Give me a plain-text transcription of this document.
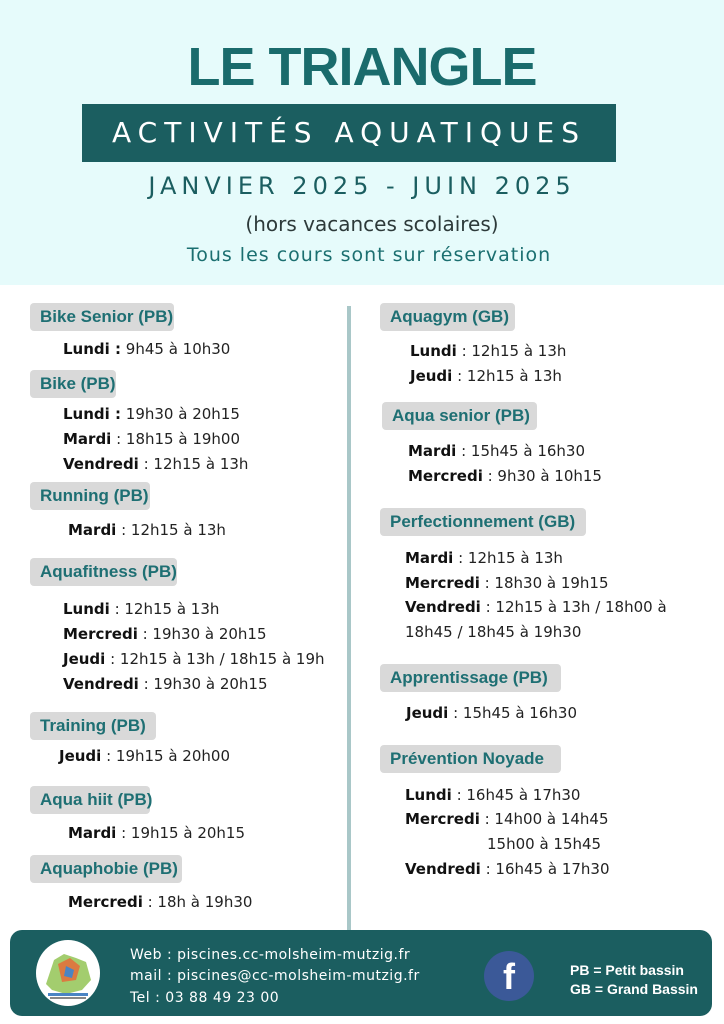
LE TRIANGLE
ACTIVITÉS AQUATIQUES
JANVIER 2025 - JUIN 2025
(hors vacances scolaires)
Tous les cours sont sur réservation
Bike Senior (PB)
Lundi : 9h45 à 10h30
Bike (PB)
Lundi : 19h30 à 20h15
Mardi : 18h15 à 19h00
Vendredi : 12h15 à 13h
Running (PB)
Mardi : 12h15 à 13h
Aquafitness (PB)
Lundi : 12h15 à 13h
Mercredi : 19h30 à 20h15
Jeudi : 12h15 à 13h / 18h15 à 19h
Vendredi : 19h30 à 20h15
Training (PB)
Jeudi : 19h15 à 20h00
Aqua hiit (PB)
Mardi : 19h15 à 20h15
Aquaphobie (PB)
Mercredi : 18h à 19h30
Aquagym (GB)
Lundi : 12h15 à 13h
Jeudi : 12h15 à 13h
Aqua senior (PB)
Mardi : 15h45 à 16h30
Mercredi : 9h30 à 10h15
Perfectionnement (GB)
Mardi : 12h15 à 13h
Mercredi : 18h30 à 19h15
Vendredi : 12h15 à 13h / 18h00 à
18h45 / 18h45 à 19h30
Apprentissage (PB)
Jeudi : 15h45 à 16h30
Prévention Noyade
Lundi : 16h45 à 17h30
Mercredi : 14h00 à 14h45
15h00 à 15h45
Vendredi : 16h45 à 17h30
Web : piscines.cc-molsheim-mutzig.fr
mail : piscines@cc-molsheim-mutzig.fr
Tel : 03 88 49 23 00
f	PB = Petit bassin
GB = Grand Bassin
